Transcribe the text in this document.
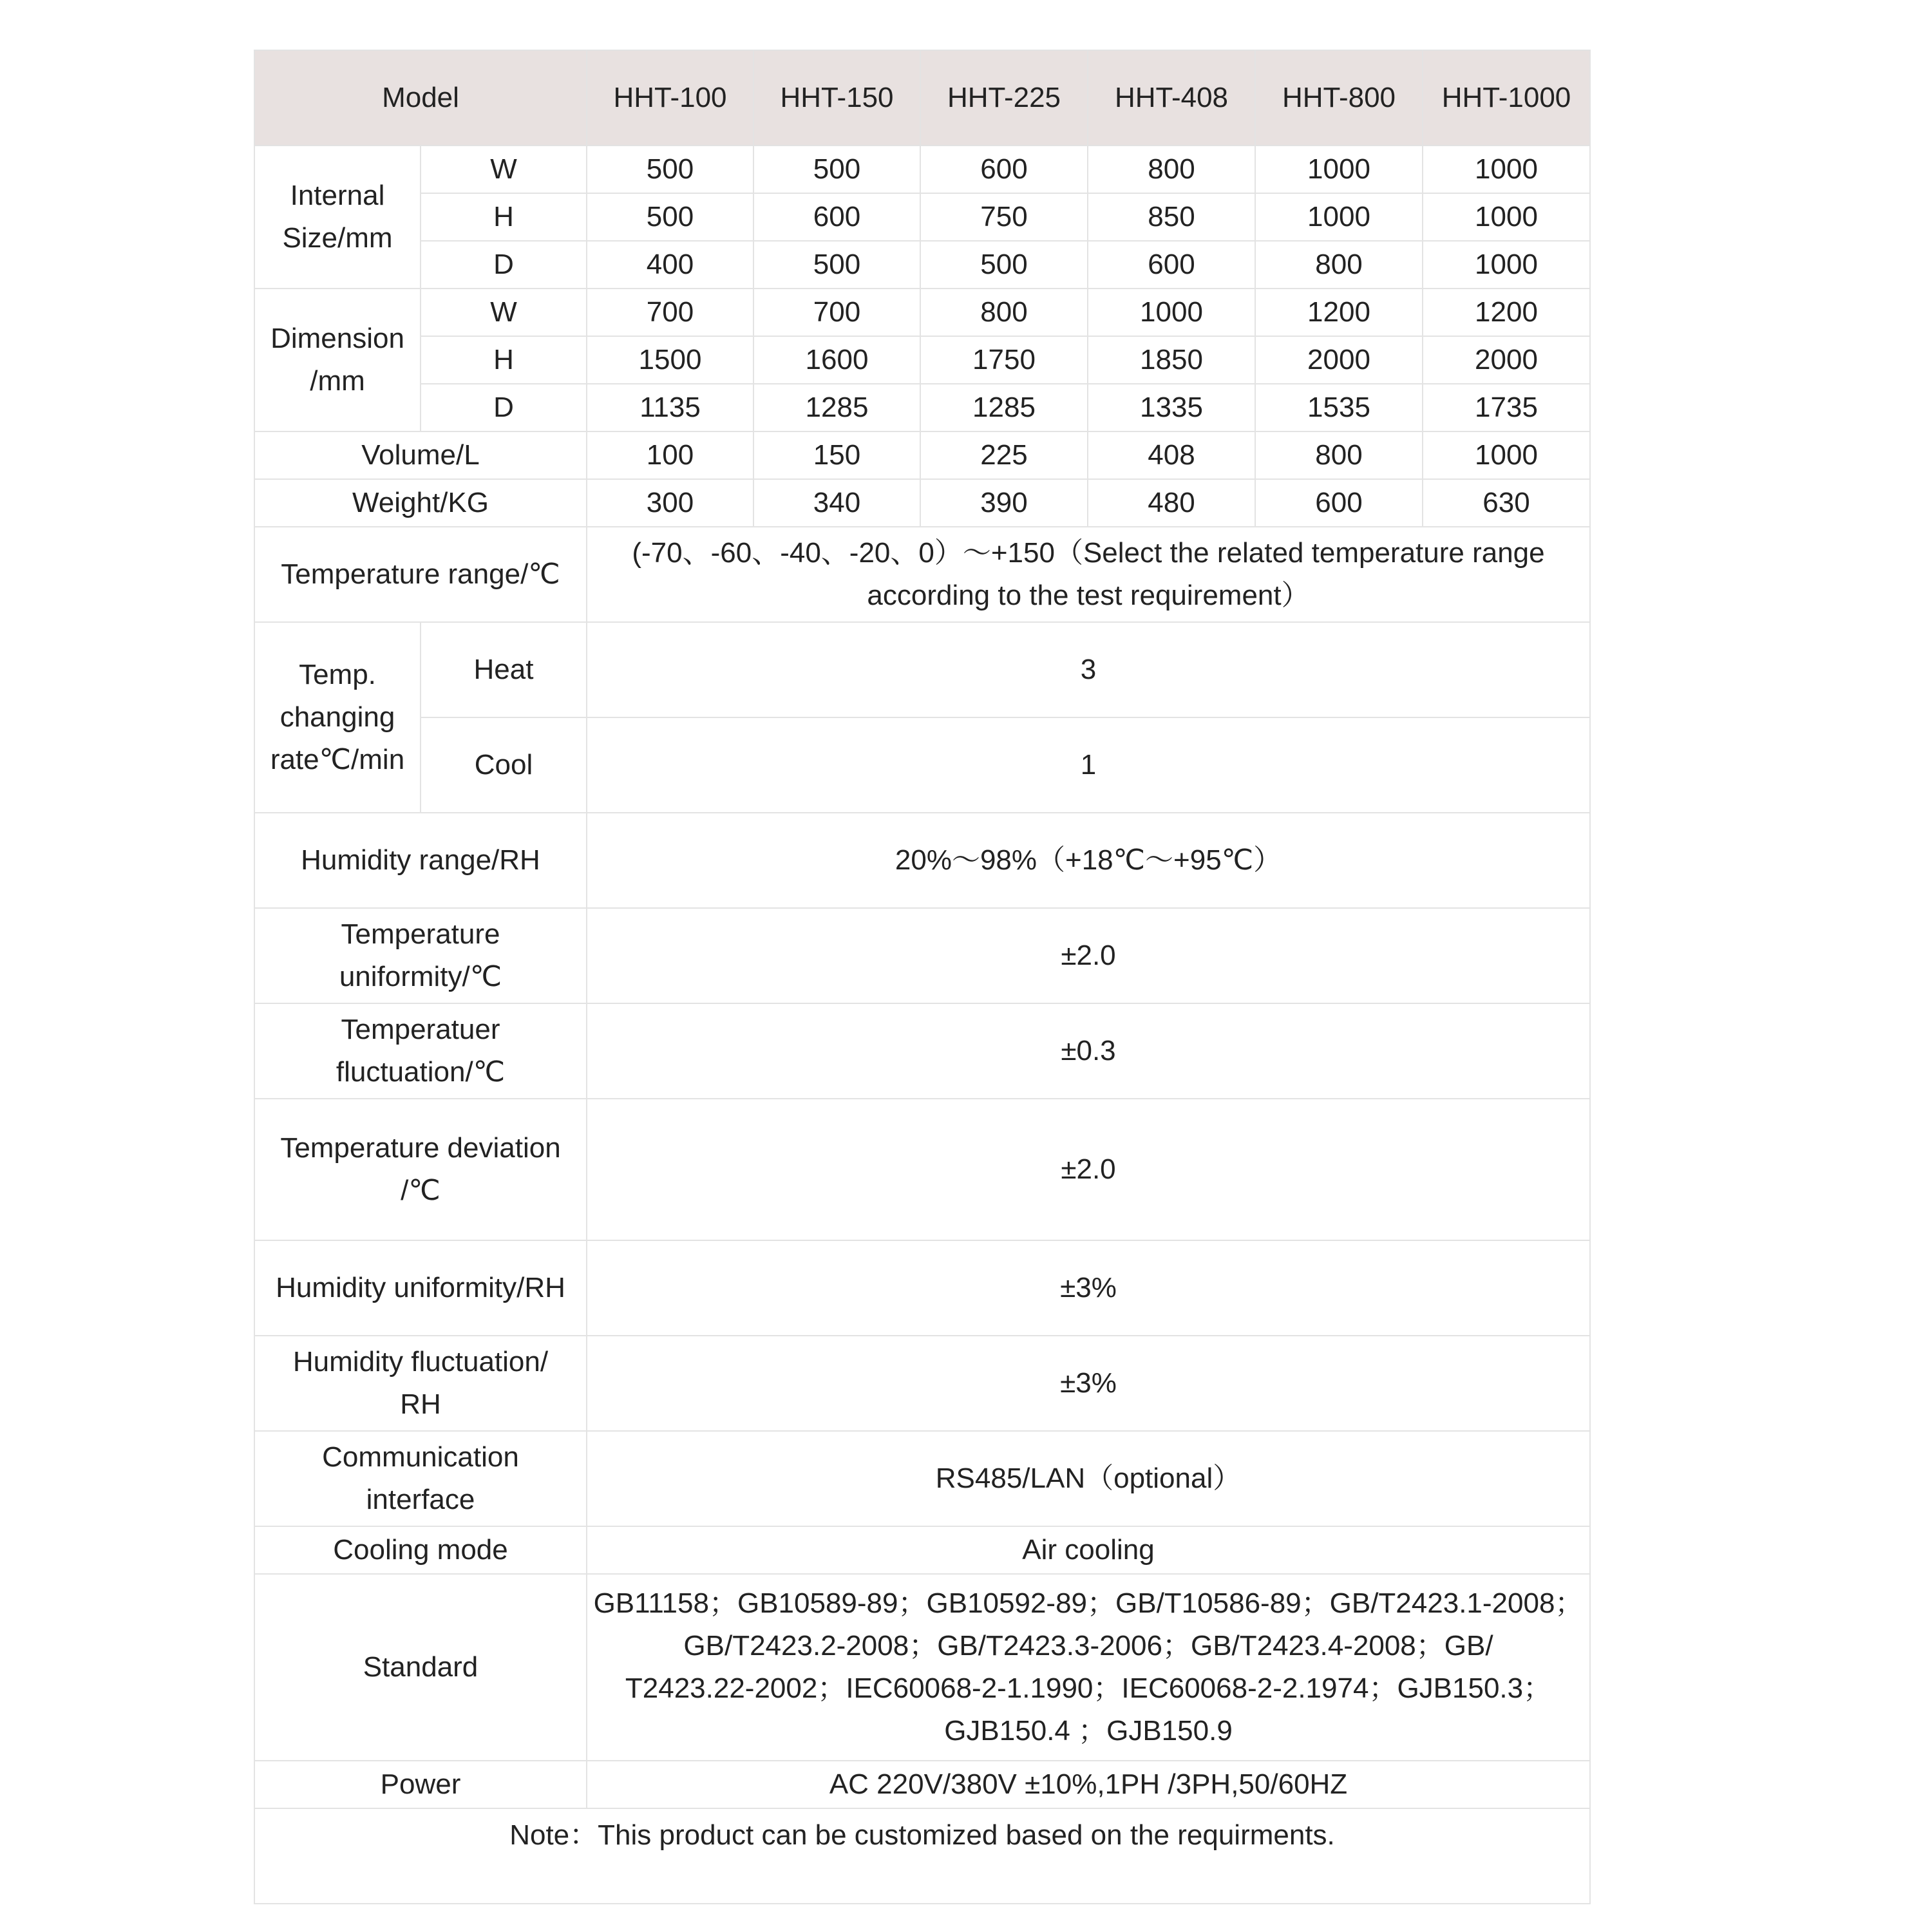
Model		HHT-100	HHT-150	HHT-225	HHT-408	HHT-800	HHT-1000

Internal
Size/mm	W	500	500	600	800	1000	1000
	H	500	600	750	850	1000	1000
	D	400	500	500	600	800	1000

Dimension
/mm	W	700	700	800	1000	1200	1200
	H	1500	1600	1750	1850	2000	2000
	D	1135	1285	1285	1335	1535	1735
Volume/L		100	150	225	408	800	1000
Weight/KG		300	340	390	480	600	630
Temperature range/℃		(-70、-60、-40、-20、0）～+150（Select the related temperature range
according to the test requirement）					

Temp.
changing
rate℃/min	Heat	3					
	Cool	1					
Humidity range/RH		20%～98%（+18℃～+95℃）					

Temperature
uniformity/℃		±2.0					

Temperatuer
fluctuation/℃		±0.3					

Temperature deviation
/℃		±2.0					
Humidity uniformity/RH		±3%					

Humidity fluctuation/
RH		±3%					

Communication
interface		RS485/LAN（optional）					
Cooling mode		Air cooling					
Standard		GB11158；GB10589-89；GB10592-89；GB/T10586-89；GB/T2423.1-2008；
GB/T2423.2-2008；GB/T2423.3-2006；GB/T2423.4-2008；GB/
T2423.22-2002；IEC60068-2-1.1990；IEC60068-2-2.1974；GJB150.3；
GJB150.4 ；GJB150.9					

Power		AC 220V/380V ±10%,1PH /3PH,50/60HZ					
Note：This product can be customized based on the requirments.							
